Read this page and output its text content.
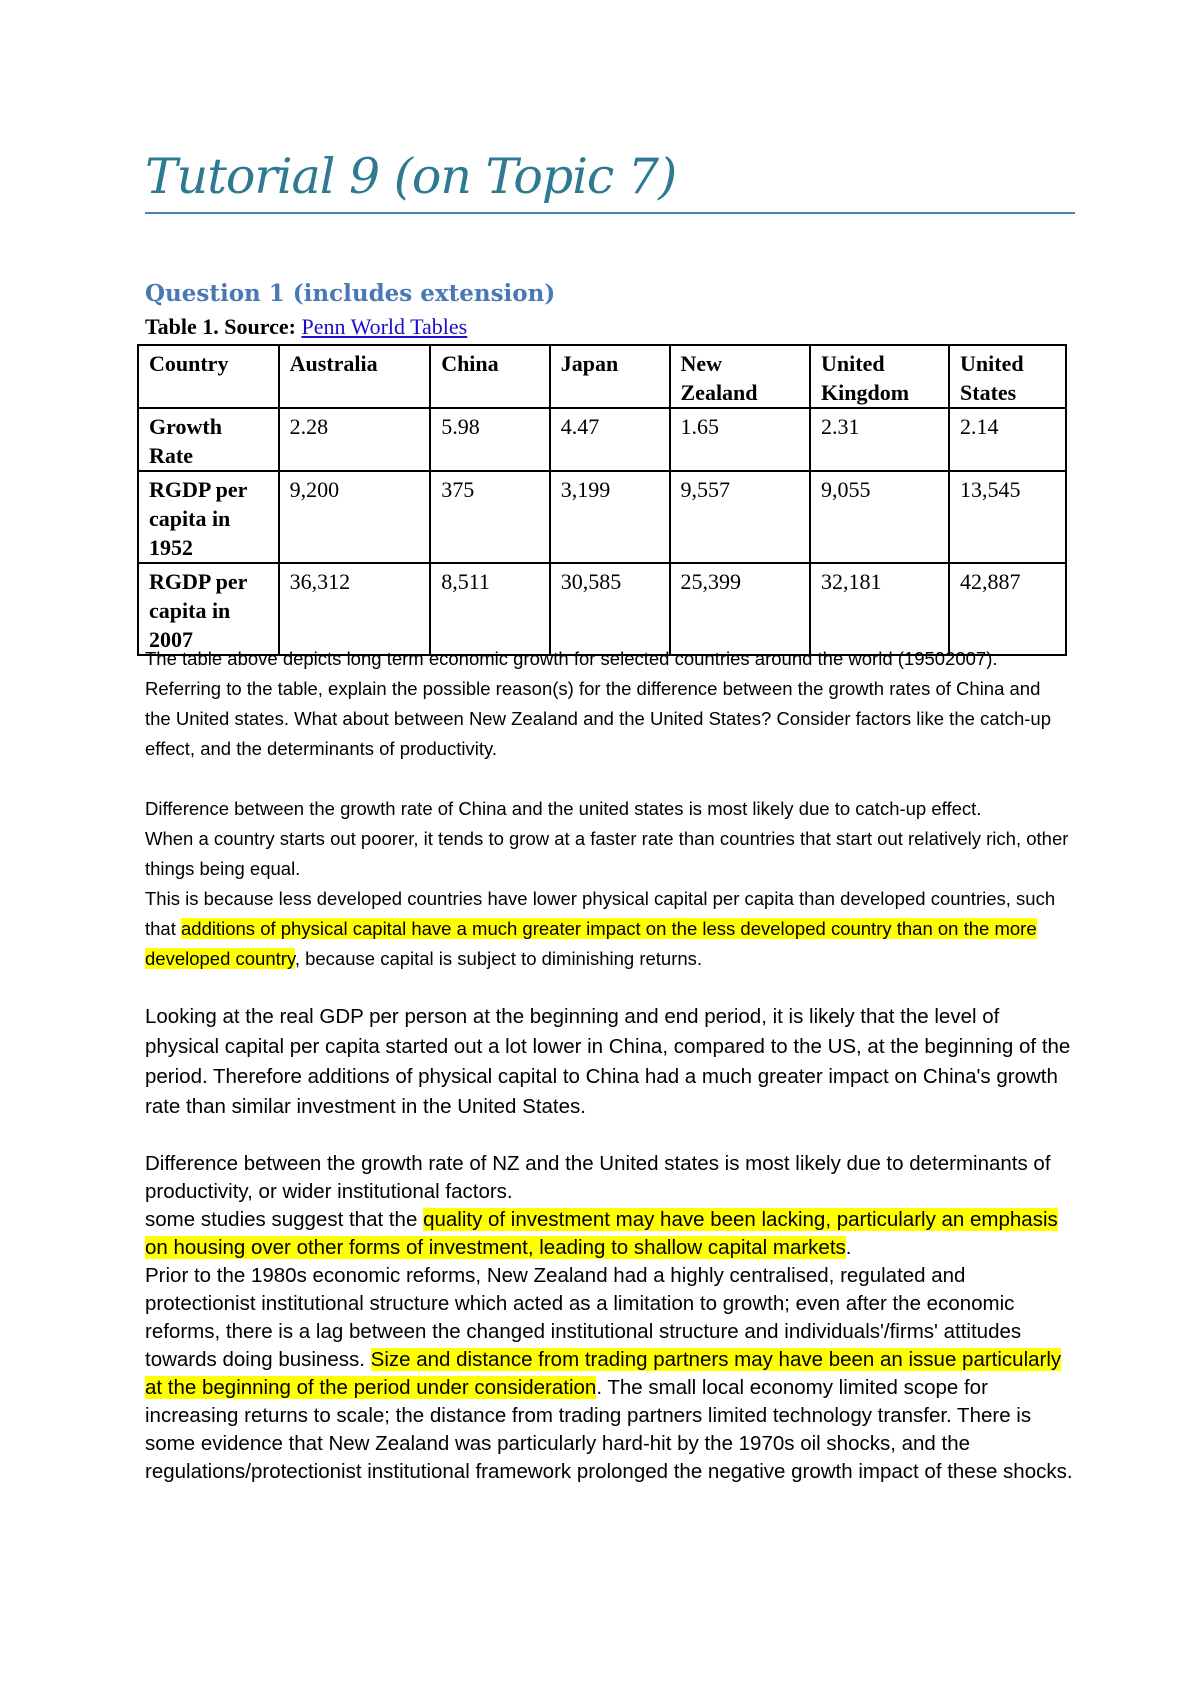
Tutorial 9 (on Topic 7)
Question 1 (includes extension)
Table 1. Source: Penn World Tables
Country	Australia	China	Japan	New Zealand	United Kingdom	United States
Growth Rate	2.28	5.98	4.47	1.65	2.31	2.14
RGDP per capita in 1952	9,200	375	3,199	9,557	9,055	13,545
RGDP per capita in 2007	36,312	8,511	30,585	25,399	32,181	42,887
The table above depicts long term economic growth for selected countries around the world (19502007). Referring to the table, explain the possible reason(s) for the difference between the growth rates of China and the United states. What about between New Zealand and the United States? Consider factors like the catch-up effect, and the determinants of productivity.

Difference between the growth rate of China and the united states is most likely due to catch-up effect.

When a country starts out poorer, it tends to grow at a faster rate than countries that start out relatively rich, other things being equal.

This is because less developed countries have lower physical capital per capita than developed countries, such that additions of physical capital have a much greater impact on the less developed country than on the more developed country, because capital is subject to diminishing returns.

Looking at the real GDP per person at the beginning and end period, it is likely that the level of physical capital per capita started out a lot lower in China, compared to the US, at the beginning of the period. Therefore additions of physical capital to China had a much greater impact on China's growth rate than similar investment in the United States.

Difference between the growth rate of NZ and the United states is most likely due to determinants of productivity, or wider institutional factors.

some studies suggest that the quality of investment may have been lacking, particularly an emphasis on housing over other forms of investment, leading to shallow capital markets.

Prior to the 1980s economic reforms, New Zealand had a highly centralised, regulated and protectionist institutional structure which acted as a limitation to growth; even after the economic reforms, there is a lag between the changed institutional structure and individuals'/firms' attitudes towards doing business. Size and distance from trading partners may have been an issue particularly at the beginning of the period under consideration. The small local economy limited scope for increasing returns to scale; the distance from trading partners limited technology transfer. There is some evidence that New Zealand was particularly hard-hit by the 1970s oil shocks, and the regulations/protectionist institutional framework prolonged the negative growth impact of these shocks.
